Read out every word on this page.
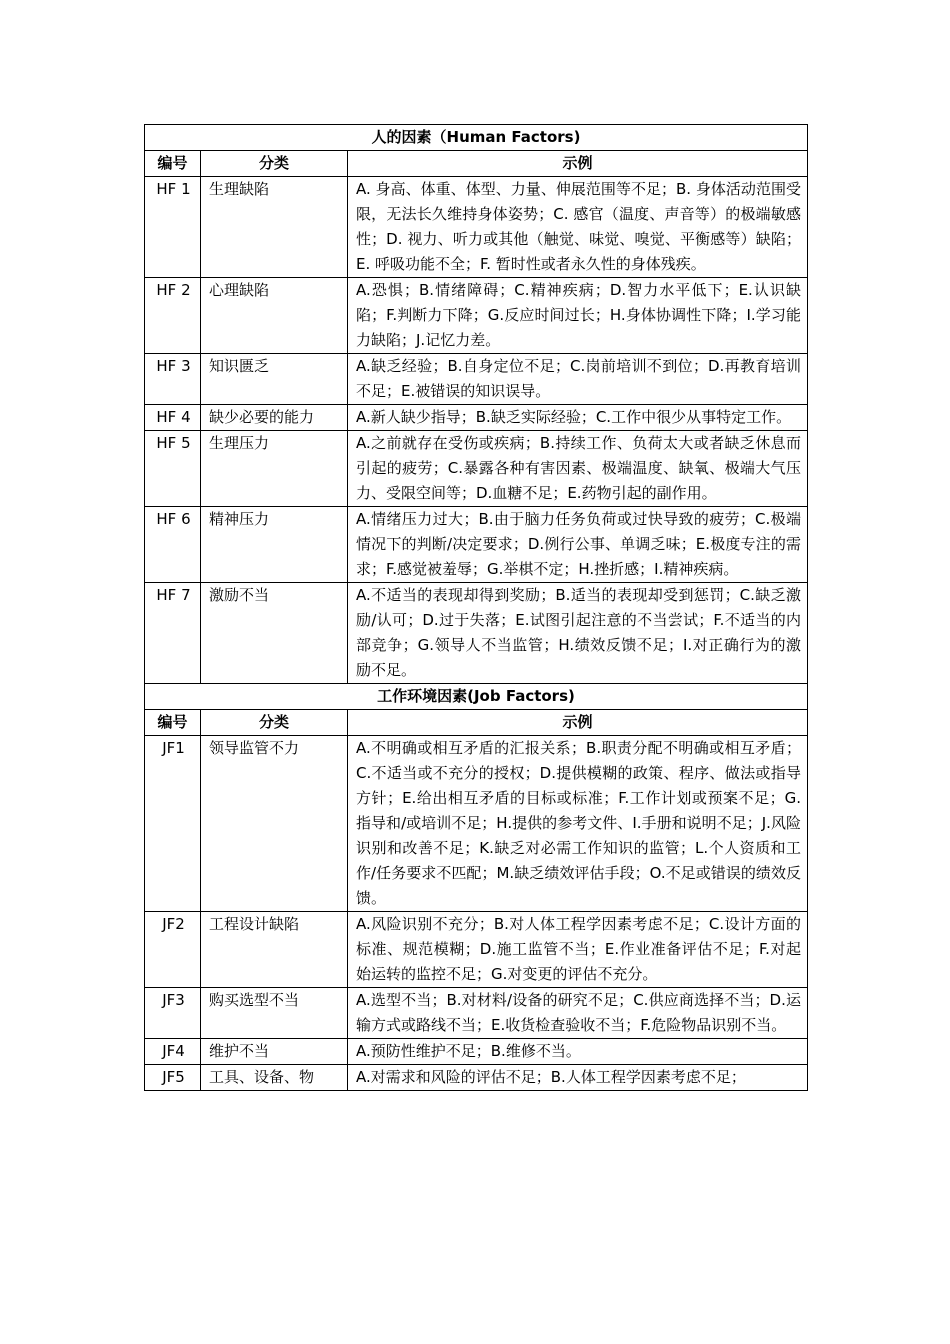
人的因素（Human Factors)		
编号	分类	示例
HF 1	生理缺陷	A. 身高、体重、体型、力量、伸展范围等不足；B. 身体活动范围受限，无法长久维持身体姿势；C. 感官（温度、声音等）的极端敏感性；D. 视力、听力或其他（触觉、味觉、嗅觉、平衡感等）缺陷；E. 呼吸功能不全；F. 暂时性或者永久性的身体残疾。
HF 2	心理缺陷	A.恐惧；B.情绪障碍；C.精神疾病；D.智力水平低下；E.认识缺陷；F.判断力下降；G.反应时间过长；H.身体协调性下降；I.学习能力缺陷；J.记忆力差。
HF 3	知识匮乏	A.缺乏经验；B.自身定位不足；C.岗前培训不到位；D.再教育培训不足；E.被错误的知识误导。
HF 4	缺少必要的能力	A.新人缺少指导；B.缺乏实际经验；C.工作中很少从事特定工作。
HF 5	生理压力	A.之前就存在受伤或疾病；B.持续工作、负荷太大或者缺乏休息而引起的疲劳；C.暴露各种有害因素、极端温度、缺氧、极端大气压力、受限空间等；D.血糖不足；E.药物引起的副作用。
HF 6	精神压力	A.情绪压力过大；B.由于脑力任务负荷或过快导致的疲劳；C.极端情况下的判断/决定要求；D.例行公事、单调乏味；E.极度专注的需求；F.感觉被羞辱；G.举棋不定；H.挫折感；I.精神疾病。
HF 7	激励不当	A.不适当的表现却得到奖励；B.适当的表现却受到惩罚；C.缺乏激励/认可；D.过于失落；E.试图引起注意的不当尝试；F.不适当的内部竞争；G.领导人不当监管；H.绩效反馈不足；I.对正确行为的激励不足。
工作环境因素(Job Factors)		
编号	分类	示例
JF1	领导监管不力	A.不明确或相互矛盾的汇报关系；B.职责分配不明确或相互矛盾；C.不适当或不充分的授权；D.提供模糊的政策、程序、做法或指导方针；E.给出相互矛盾的目标或标准；F.工作计划或预案不足；G.指导和/或培训不足；H.提供的参考文件、I.手册和说明不足；J.风险识别和改善不足；K.缺乏对必需工作知识的监管；L.个人资质和工作/任务要求不匹配；M.缺乏绩效评估手段；O.不足或错误的绩效反馈。
JF2	工程设计缺陷	A.风险识别不充分；B.对人体工程学因素考虑不足；C.设计方面的标准、规范模糊；D.施工监管不当；E.作业准备评估不足；F.对起始运转的监控不足；G.对变更的评估不充分。
JF3	购买选型不当	A.选型不当；B.对材料/设备的研究不足；C.供应商选择不当；D.运输方式或路线不当；E.收货检查验收不当；F.危险物品识别不当。
JF4	维护不当	A.预防性维护不足；B.维修不当。
JF5	工具、设备、物	A.对需求和风险的评估不足；B.人体工程学因素考虑不足；
